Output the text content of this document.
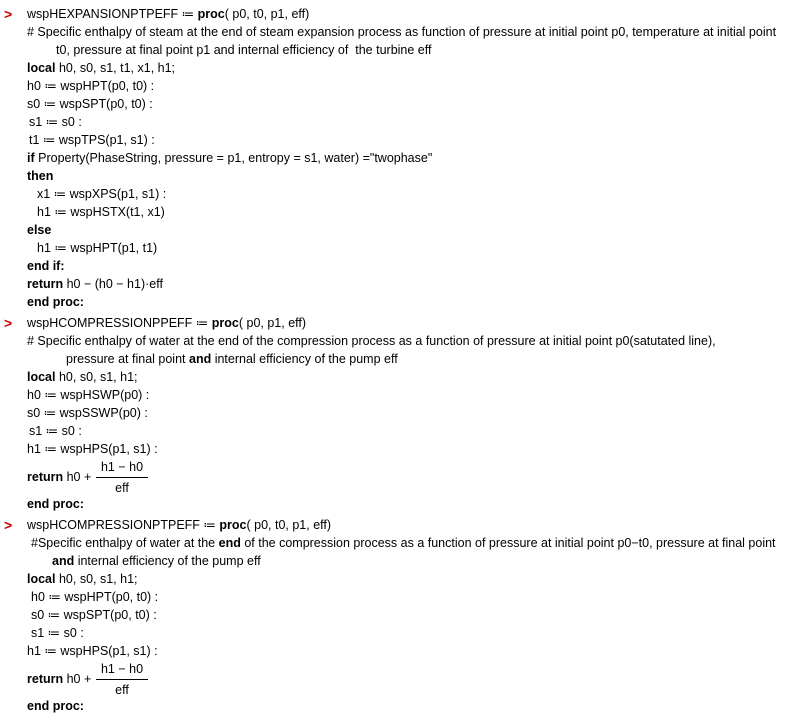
> wspHEXPANSIONPTPEFF ≔ proc( p0, t0, p1, eff)
# Specific enthalpy of steam at the end of steam expansion process as function of pressure at initial point p0, temperature at initial point
t0, pressure at final point p1 and internal efficiency of  the turbine eff
local h0, s0, s1, t1, x1, h1;
h0 ≔ wspHPT(p0, t0) :
s0 ≔ wspSPT(p0, t0) :
s1 ≔ s0 :
t1 ≔ wspTPS(p1, s1) :
if Property(PhaseString, pressure = p1, entropy = s1, water) ="twophase"
then
x1 ≔ wspXPS(p1, s1) :
h1 ≔ wspHSTX(t1, x1)
else
h1 ≔ wspHPT(p1, t1)
end if:
return h0 − (h0 − h1)·eff
end proc:
> wspHCOMPRESSIONPPEFF ≔ proc( p0, p1, eff)
# Specific enthalpy of water at the end of the compression process as a function of pressure at initial point p0(satutated line),
pressure at final point and internal efficiency of the pump eff
local h0, s0, s1, h1;
h0 ≔ wspHSWP(p0) :
s0 ≔ wspSSWP(p0) :
s1 ≔ s0 :
h1 ≔ wspHPS(p1, s1) :
return h0 +
h1 − h0
eff
end proc:
> wspHCOMPRESSIONPTPEFF ≔ proc( p0, t0, p1, eff)
#Specific enthalpy of water at the end of the compression process as a function of pressure at initial point p0−t0, pressure at final point
and internal efficiency of the pump eff
local h0, s0, s1, h1;
h0 ≔ wspHPT(p0, t0) :
s0 ≔ wspSPT(p0, t0) :
s1 ≔ s0 :
h1 ≔ wspHPS(p1, s1) :
return h0 +
h1 − h0
eff
end proc:
